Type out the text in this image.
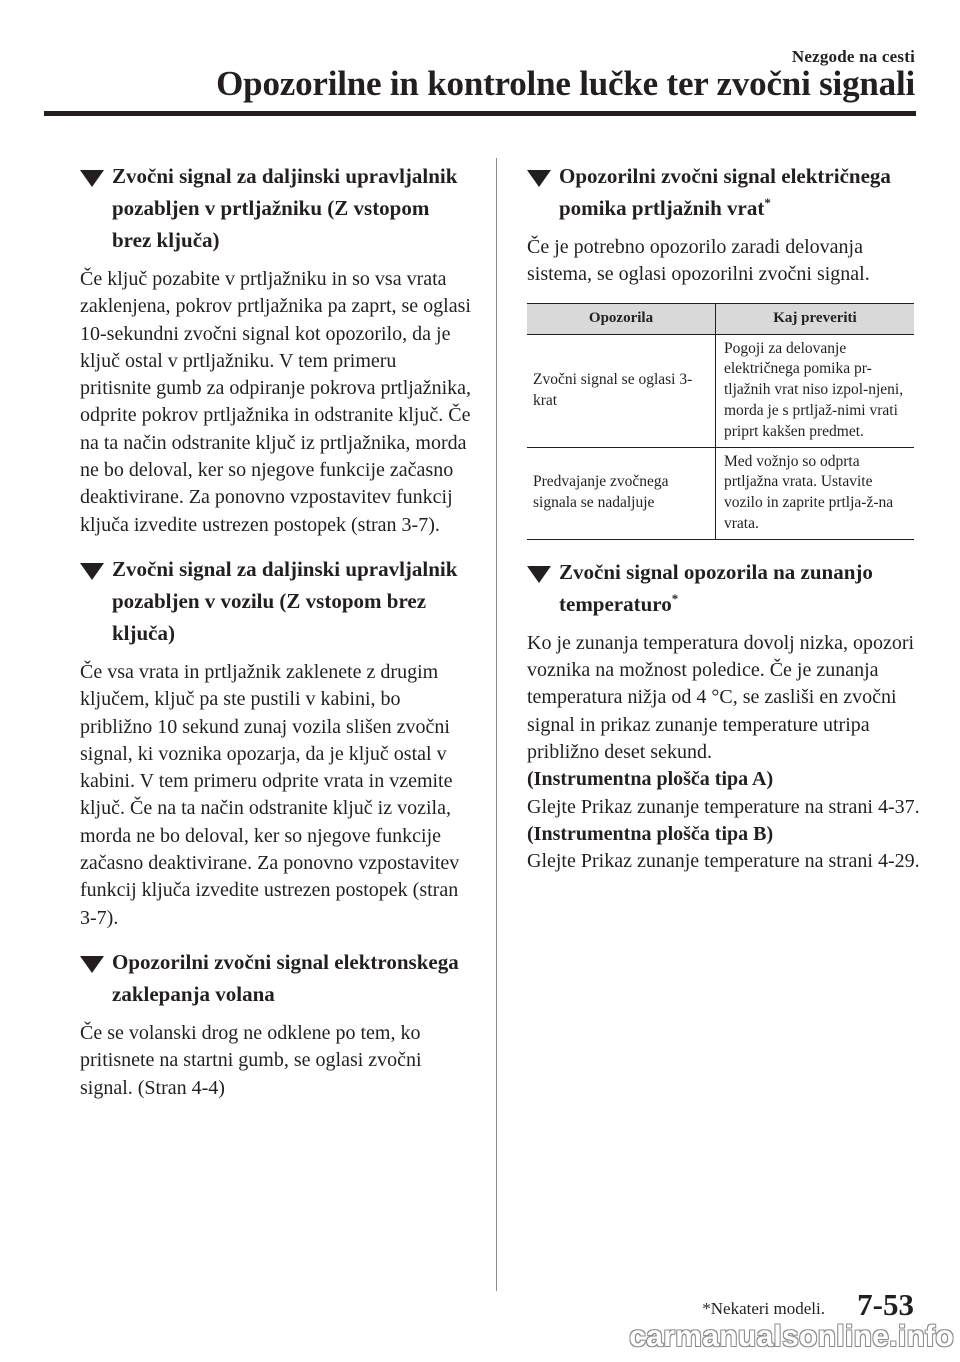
Nezgode na cesti
Opozorilne in kontrolne lučke ter zvočni signali
Zvočni signal za daljinski upravljalnik pozabljen v prtljažniku (Z vstopom brez ključa)

Če ključ pozabite v prtljažniku in so vsa vrata zaklenjena, pokrov prtljažnika pa zaprt, se oglasi 10-sekundni zvočni signal kot opozorilo, da je ključ ostal v prtljažniku. V tem primeru pritisnite gumb za odpiranje pokrova prtljažnika, odprite pokrov prtljažnika in odstranite ključ. Če na ta način odstranite ključ iz prtljažnika, morda ne bo deloval, ker so njegove funkcije začasno deaktivirane. Za ponovno vzpostavitev funkcij ključa izvedite ustrezen postopek (stran 3-7).

Zvočni signal za daljinski upravljalnik pozabljen v vozilu (Z vstopom brez ključa)

Če vsa vrata in prtljažnik zaklenete z drugim ključem, ključ pa ste pustili v kabini, bo približno 10 sekund zunaj vozila slišen zvočni signal, ki voznika opozarja, da je ključ ostal v kabini. V tem primeru odprite vrata in vzemite ključ. Če na ta način odstranite ključ iz vozila, morda ne bo deloval, ker so njegove funkcije začasno deaktivirane. Za ponovno vzpostavitev funkcij ključa izvedite ustrezen postopek (stran 3-7).

Opozorilni zvočni signal elektronskega zaklepanja volana

Če se volanski drog ne odklene po tem, ko pritisnete na startni gumb, se oglasi zvočni signal. (Stran 4-4)

Opozorilni zvočni signal električnega pomika prtljažnih vrat*

Če je potrebno opozorilo zaradi delovanja sistema, se oglasi opozorilni zvočni signal.

Opozorila	Kaj preveriti
Zvočni signal se oglasi 3-krat	Pogoji za delovanje električnega pomika pr-tljažnih vrat niso izpol-njeni, morda je s prtljaž-nimi vrati priprt kakšen predmet.
Predvajanje zvočnega signala se nadaljuje	Med vožnjo so odprta prtljažna vrata. Ustavite vozilo in zaprite prtlja-ž-na vrata.
Zvočni signal opozorila na zunanjo temperaturo*

Ko je zunanja temperatura dovolj nizka, opozori voznika na možnost poledice. Če je zunanja temperatura nižja od 4 °C, se zasliši en zvočni signal in prikaz zunanje temperature utripa približno deset sekund.

(Instrumentna plošča tipa A)
Glejte Prikaz zunanje temperature na strani 4-37.
(Instrumentna plošča tipa B)
Glejte Prikaz zunanje temperature na strani 4-29.
*Nekateri modeli. 7-53
carmanualsonline.info
